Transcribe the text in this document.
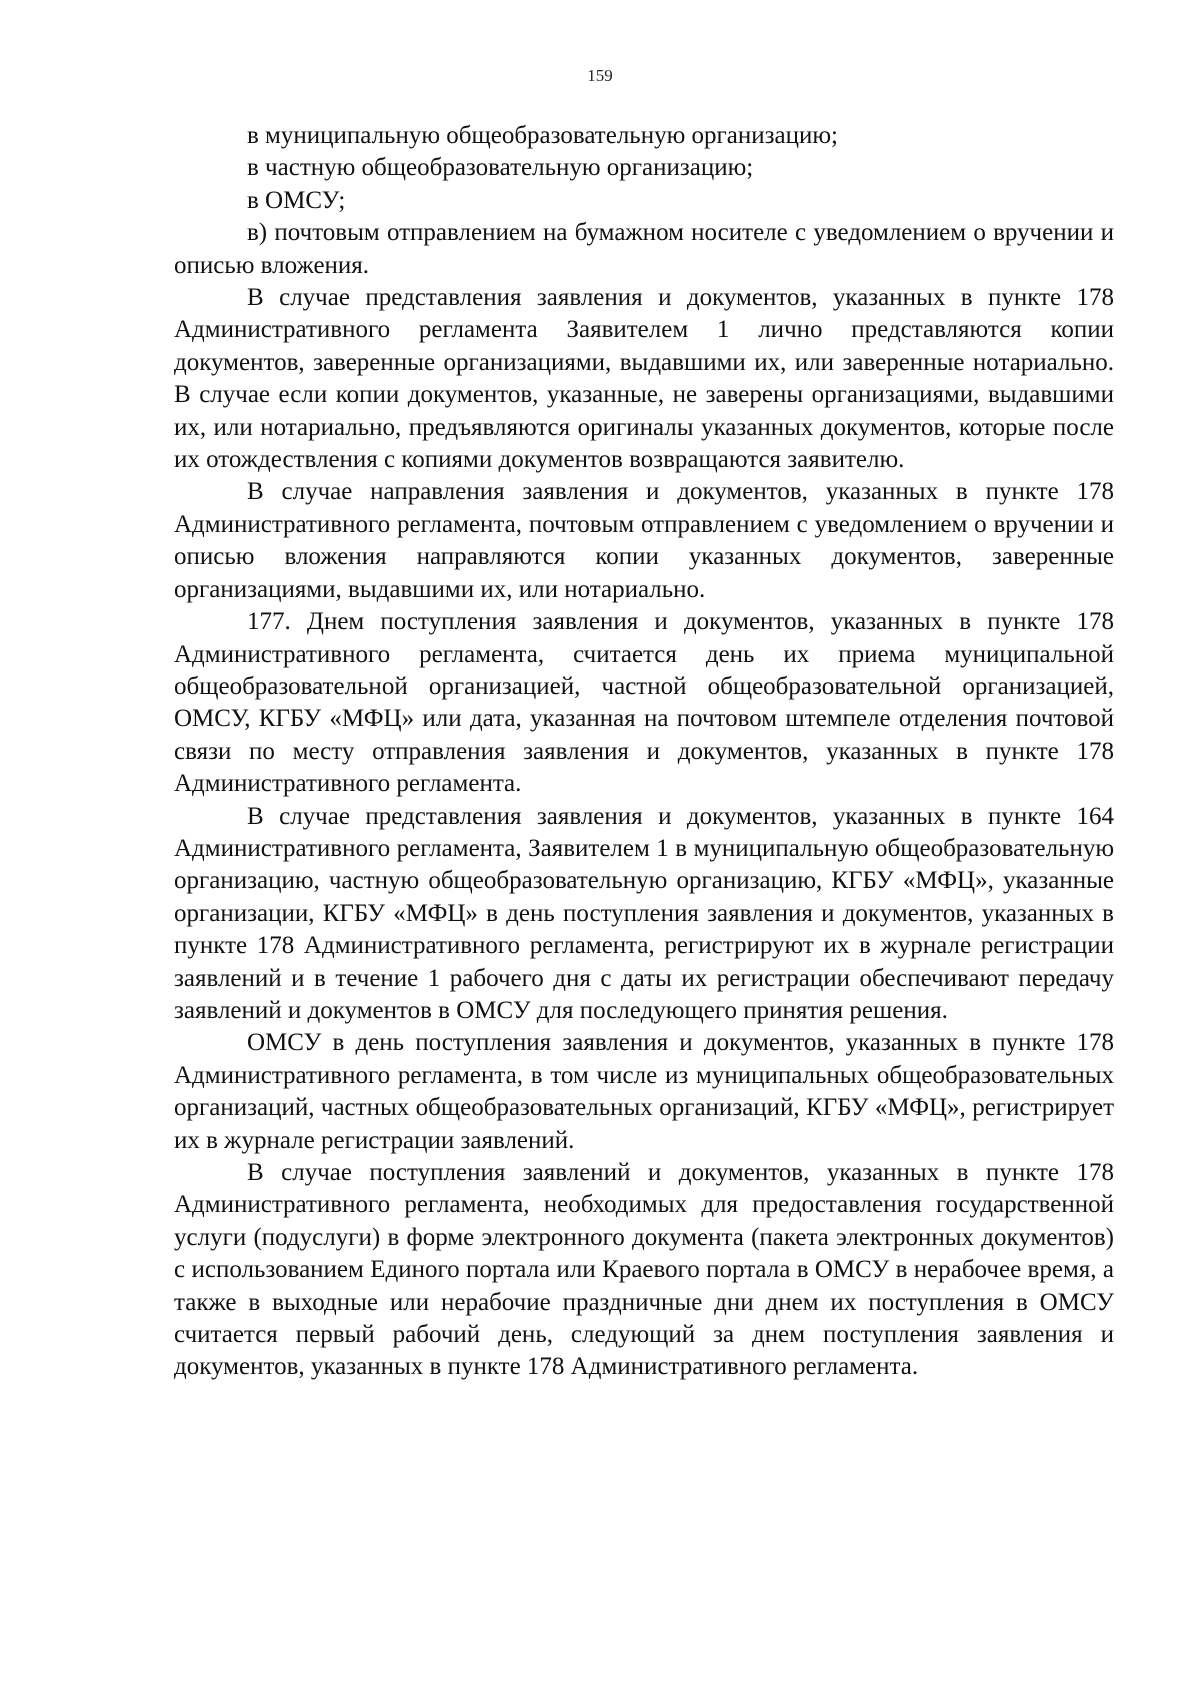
159

в муниципальную общеобразовательную организацию;

в частную общеобразовательную организацию;

в ОМСУ;

в) почтовым отправлением на бумажном носителе с уведомлением о вручении и описью вложения.

В случае представления заявления и документов, указанных в пункте 178 Административного регламента Заявителем 1 лично представляются копии документов, заверенные организациями, выдавшими их, или заверенные нотариально. В случае если копии документов, указанные, не заверены организациями, выдавшими их, или нотариально, предъявляются оригиналы указанных документов, которые после их отождествления с копиями документов возвращаются заявителю.

В случае направления заявления и документов, указанных в пункте 178 Административного регламента, почтовым отправлением с уведомлением о вручении и описью вложения направляются копии указанных документов, заверенные организациями, выдавшими их, или нотариально.

177. Днем поступления заявления и документов, указанных в пункте 178 Административного регламента, считается день их приема муниципальной общеобразовательной организацией, частной общеобразовательной организацией, ОМСУ, КГБУ «МФЦ» или дата, указанная на почтовом штемпеле отделения почтовой связи по месту отправления заявления и документов, указанных в пункте 178 Административного регламента.

В случае представления заявления и документов, указанных в пункте 164 Административного регламента, Заявителем 1 в муниципальную общеобразовательную организацию, частную общеобразовательную организацию, КГБУ «МФЦ», указанные организации, КГБУ «МФЦ» в день поступления заявления и документов, указанных в пункте 178 Административного регламента, регистрируют их в журнале регистрации заявлений и в течение 1 рабочего дня с даты их регистрации обеспечивают передачу заявлений и документов в ОМСУ для последующего принятия решения.

ОМСУ в день поступления заявления и документов, указанных в пункте 178 Административного регламента, в том числе из муниципальных общеобразовательных организаций, частных общеобразовательных организаций, КГБУ «МФЦ», регистрирует их в журнале регистрации заявлений.

В случае поступления заявлений и документов, указанных в пункте 178 Административного регламента, необходимых для предоставления государственной услуги (подуслуги) в форме электронного документа (пакета электронных документов) с использованием Единого портала или Краевого портала в ОМСУ в нерабочее время, а также в выходные или нерабочие праздничные дни днем их поступления в ОМСУ считается первый рабочий день, следующий за днем поступления заявления и документов, указанных в пункте 178 Административного регламента.
